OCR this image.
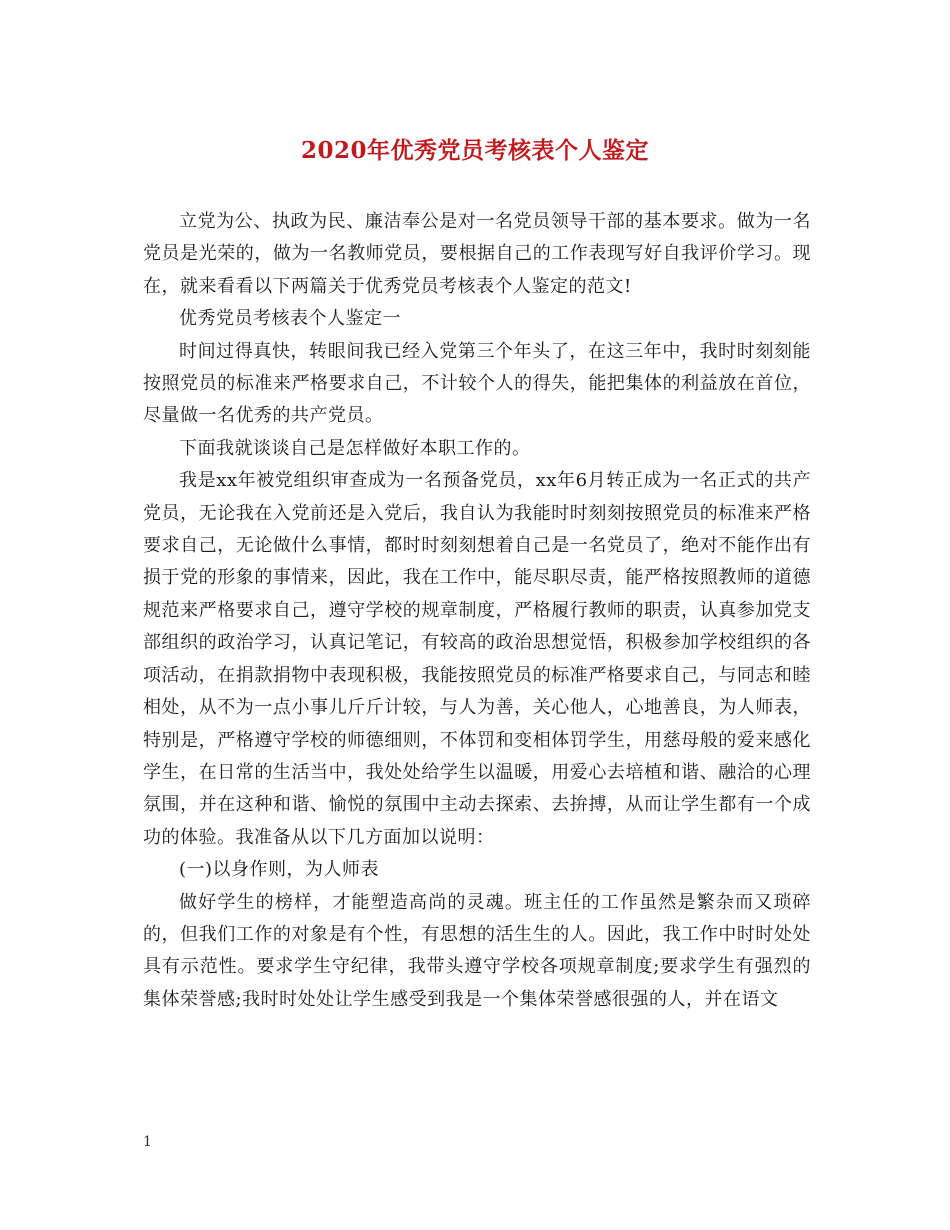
2020年优秀党员考核表个人鉴定

立党为公、执政为民、廉洁奉公是对一名党员领导干部的基本要求。做为一名党员是光荣的，做为一名教师党员，要根据自己的工作表现写好自我评价学习。现在，就来看看以下两篇关于优秀党员考核表个人鉴定的范文!

优秀党员考核表个人鉴定一

时间过得真快，转眼间我已经入党第三个年头了，在这三年中，我时时刻刻能按照党员的标准来严格要求自己，不计较个人的得失，能把集体的利益放在首位，尽量做一名优秀的共产党员。

下面我就谈谈自己是怎样做好本职工作的。

我是xx年被党组织审查成为一名预备党员，xx年6月转正成为一名正式的共产党员，无论我在入党前还是入党后，我自认为我能时时刻刻按照党员的标准来严格要求自己，无论做什么事情，都时时刻刻想着自己是一名党员了，绝对不能作出有损于党的形象的事情来，因此，我在工作中，能尽职尽责，能严格按照教师的道德规范来严格要求自己，遵守学校的规章制度，严格履行教师的职责，认真参加党支部组织的政治学习，认真记笔记，有较高的政治思想觉悟，积极参加学校组织的各项活动，在捐款捐物中表现积极，我能按照党员的标准严格要求自己，与同志和睦相处，从不为一点小事儿斤斤计较，与人为善，关心他人，心地善良，为人师表，特别是，严格遵守学校的师德细则，不体罚和变相体罚学生，用慈母般的爱来感化学生，在日常的生活当中，我处处给学生以温暖，用爱心去培植和谐、融洽的心理氛围，并在这种和谐、愉悦的氛围中主动去探索、去拚搏，从而让学生都有一个成功的体验。我准备从以下几方面加以说明：

(一)以身作则，为人师表

做好学生的榜样，才能塑造高尚的灵魂。班主任的工作虽然是繁杂而又琐碎的，但我们工作的对象是有个性，有思想的活生生的人。因此，我工作中时时处处具有示范性。要求学生守纪律，我带头遵守学校各项规章制度;要求学生有强烈的集体荣誉感;我时时处处让学生感受到我是一个集体荣誉感很强的人，并在语文

1
